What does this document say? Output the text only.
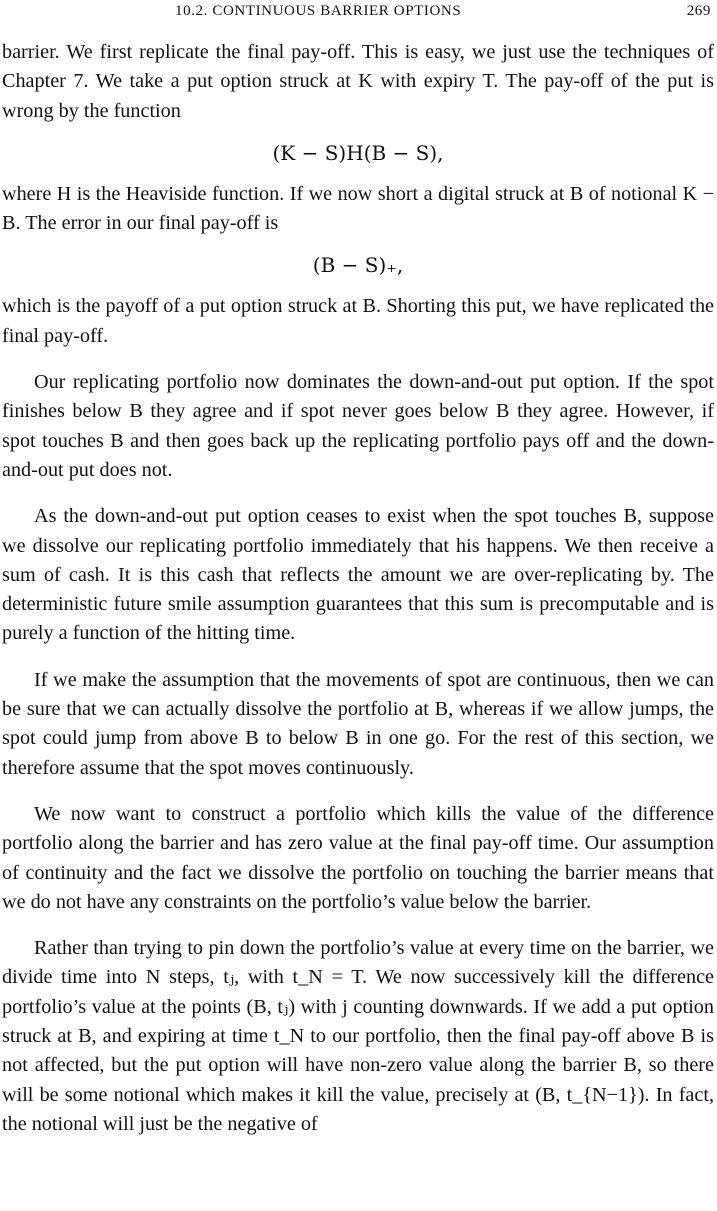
10.2. CONTINUOUS BARRIER OPTIONS	269

barrier. We first replicate the final pay-off. This is easy, we just use the techniques of Chapter 7. We take a put option struck at K with expiry T. The pay-off of the put is wrong by the function

(K − S)H(B − S),

where H is the Heaviside function. If we now short a digital struck at B of notional K − B. The error in our final pay-off is

(B − S)₊,

which is the payoff of a put option struck at B. Shorting this put, we have replicated the final pay-off.

Our replicating portfolio now dominates the down-and-out put option. If the spot finishes below B they agree and if spot never goes below B they agree. However, if spot touches B and then goes back up the replicating portfolio pays off and the down-and-out put does not.

As the down-and-out put option ceases to exist when the spot touches B, suppose we dissolve our replicating portfolio immediately that his happens. We then receive a sum of cash. It is this cash that reflects the amount we are over-replicating by. The deterministic future smile assumption guarantees that this sum is precomputable and is purely a function of the hitting time.

If we make the assumption that the movements of spot are continuous, then we can be sure that we can actually dissolve the portfolio at B, whereas if we allow jumps, the spot could jump from above B to below B in one go. For the rest of this section, we therefore assume that the spot moves continuously.

We now want to construct a portfolio which kills the value of the difference portfolio along the barrier and has zero value at the final pay-off time. Our assumption of continuity and the fact we dissolve the portfolio on touching the barrier means that we do not have any constraints on the portfolio’s value below the barrier.

Rather than trying to pin down the portfolio’s value at every time on the barrier, we divide time into N steps, tⱼ, with t_N = T. We now successively kill the difference portfolio’s value at the points (B, tⱼ) with j counting downwards. If we add a put option struck at B, and expiring at time t_N to our portfolio, then the final pay-off above B is not affected, but the put option will have non-zero value along the barrier B, so there will be some notional which makes it kill the value, precisely at (B, t_{N−1}). In fact, the notional will just be the negative of
